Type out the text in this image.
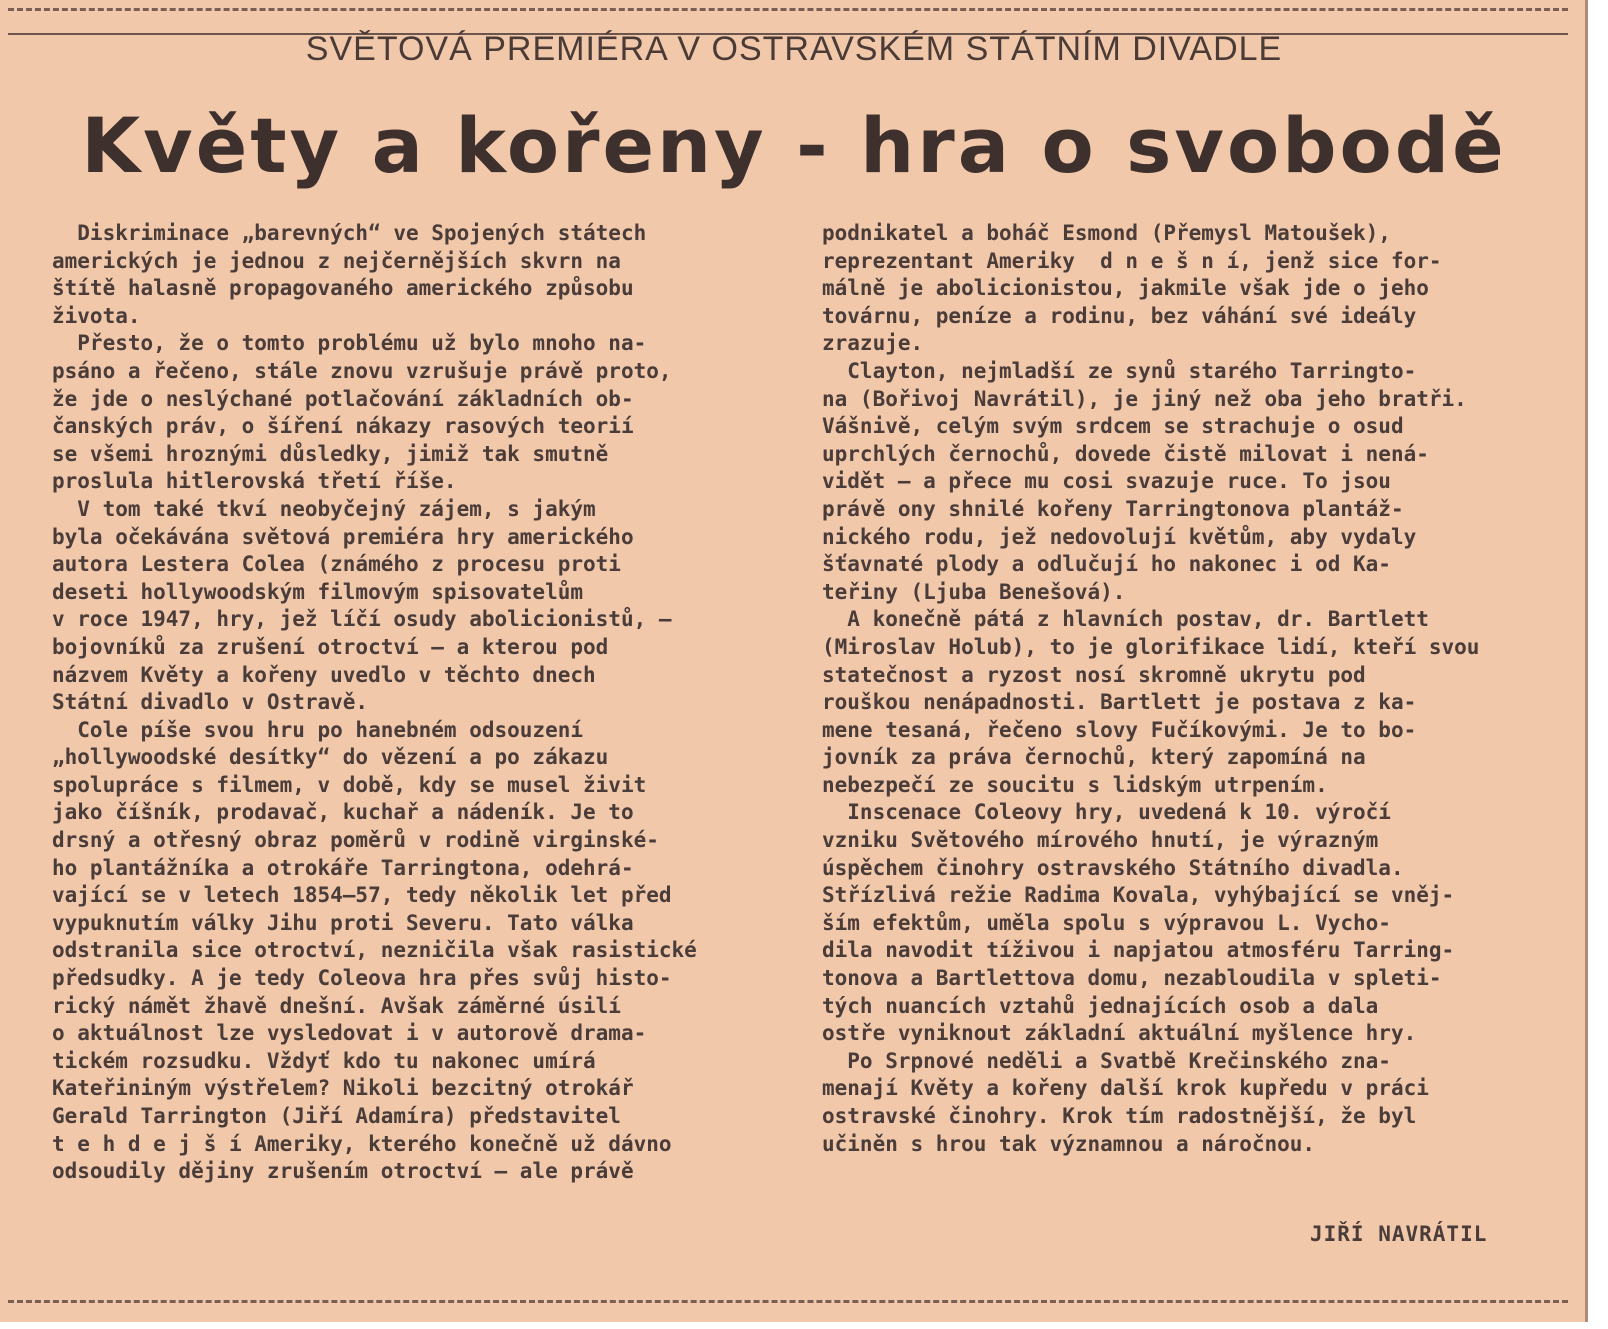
SVĚTOVÁ PREMIÉRA V OSTRAVSKÉM STÁTNÍM DIVADLE
Květy a kořeny - hra o svobodě
Diskriminace „barevných“ ve Spojených státech
amerických je jednou z nejčernějších skvrn na
štítě halasně propagovaného amerického způsobu
života.
Přesto, že o tomto problému už bylo mnoho na-
psáno a řečeno, stále znovu vzrušuje právě proto,
že jde o neslýchané potlačování základních ob-
čanských práv, o šíření nákazy rasových teorií
se všemi hroznými důsledky, jimiž tak smutně
proslula hitlerovská třetí říše.
V tom také tkví neobyčejný zájem, s jakým
byla očekávána světová premiéra hry amerického
autora Lestera Colea (známého z procesu proti
deseti hollywoodským filmovým spisovatelům
v roce 1947, hry, jež líčí osudy abolicionistů, —
bojovníků za zrušení otroctví — a kterou pod
názvem Květy a kořeny uvedlo v těchto dnech
Státní divadlo v Ostravě.
Cole píše svou hru po hanebném odsouzení
„hollywoodské desítky“ do vězení a po zákazu
spolupráce s filmem, v době, kdy se musel živit
jako číšník, prodavač, kuchař a nádeník. Je to
drsný a otřesný obraz poměrů v rodině virginské-
ho plantážníka a otrokáře Tarringtona, odehrá-
vající se v letech 1854—57, tedy několik let před
vypuknutím války Jihu proti Severu. Tato válka
odstranila sice otroctví, nezničila však rasistické
předsudky. A je tedy Coleova hra přes svůj histo-
rický námět žhavě dnešní. Avšak záměrné úsilí
o aktuálnost lze vysledovat i v autorově drama-
tickém rozsudku. Vždyť kdo tu nakonec umírá
Kateřininým výstřelem? Nikoli bezcitný otrokář
Gerald Tarrington (Jiří Adamíra) představitel
t e h d e j š í Ameriky, kterého konečně už dávno
odsoudily dějiny zrušením otroctví — ale právě
podnikatel a boháč Esmond (Přemysl Matoušek),
reprezentant Ameriky  d n e š n í, jenž sice for-
málně je abolicionistou, jakmile však jde o jeho
továrnu, peníze a rodinu, bez váhání své ideály
zrazuje.
Clayton, nejmladší ze synů starého Tarringto-
na (Bořivoj Navrátil), je jiný než oba jeho bratři.
Vášnivě, celým svým srdcem se strachuje o osud
uprchlých černochů, dovede čistě milovat i nená-
vidět — a přece mu cosi svazuje ruce. To jsou
právě ony shnilé kořeny Tarringtonova plantáž-
nického rodu, jež nedovolují květům, aby vydaly
šťavnaté plody a odlučují ho nakonec i od Ka-
teřiny (Ljuba Benešová).
A konečně pátá z hlavních postav, dr. Bartlett
(Miroslav Holub), to je glorifikace lidí, kteří svou
statečnost a ryzost nosí skromně ukrytu pod
rouškou nenápadnosti. Bartlett je postava z ka-
mene tesaná, řečeno slovy Fučíkovými. Je to bo-
jovník za práva černochů, který zapomíná na
nebezpečí ze soucitu s lidským utrpením.
Inscenace Coleovy hry, uvedená k 10. výročí
vzniku Světového mírového hnutí, je výrazným
úspěchem činohry ostravského Státního divadla.
Střízlivá režie Radima Kovala, vyhýbající se vněj-
ším efektům, uměla spolu s výpravou L. Vycho-
dila navodit tíživou i napjatou atmosféru Tarring-
tonova a Bartlettova domu, nezabloudila v spleti-
tých nuancích vztahů jednajících osob a dala
ostře vyniknout základní aktuální myšlence hry.
Po Srpnové neděli a Svatbě Krečinského zna-
menají Květy a kořeny další krok kupředu v práci
ostravské činohry. Krok tím radostnější, že byl
učiněn s hrou tak významnou a náročnou.
JIŘÍ NAVRÁTIL
